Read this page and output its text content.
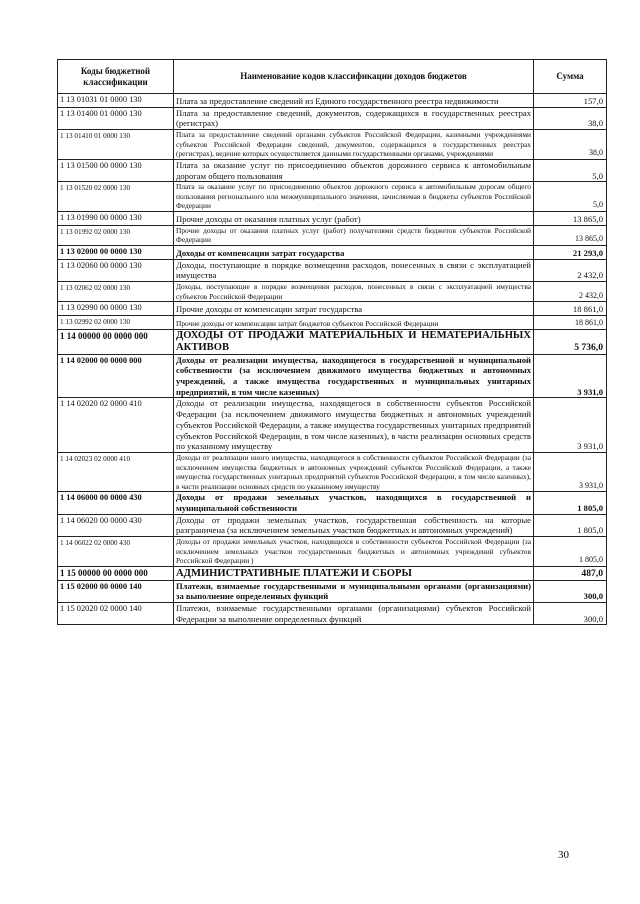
Коды бюджетной классификации	Наименование кодов классификации доходов бюджетов	Сумма
1 13 01031 01 0000 130	Плата за предоставление сведений из Единого государственного реестра недвижимости	157,0
1 13 01400 01 0000 130	Плата за предоставление сведений, документов, содержащихся в государственных реестрах (регистрах)	38,0
1 13 01410 01 0000 130	Плата за предоставление сведений органами субъектов Российской Федерации, казенными учреждениями субъектов Российской Федерации сведений, документов, содержащихся в государственных реестрах (регистрах), ведение которых осуществляется данными государственными органами, учреждениями	38,0
1 13 01500 00 0000 130	Плата за оказание услуг по присоединению объектов дорожного сервиса к автомобильным дорогам общего пользования	5,0
1 13 01520 02 0000 130	Плата за оказание услуг по присоединению объектов дорожного сервиса к автомобильным дорогам общего пользования регионального или межмуниципального значения, зачисляемая в бюджеты субъектов Российской Федерации	5,0
1 13 01990 00 0000 130	Прочие доходы от оказания платных услуг (работ)	13 865,0
1 13 01992 02 0000 130	Прочие доходы от оказания платных услуг (работ) получателями средств бюджетов субъектов Российской Федерации	13 865,0
1 13 02000 00 0000 130	Доходы от компенсации затрат государства	21 293,0
1 13 02060 00 0000 130	Доходы, поступающие в порядке возмещения расходов, понесенных в связи с эксплуатацией имущества	2 432,0
1 13 02062 02 0000 130	Доходы, поступающие в порядке возмещения расходов, понесенных в связи с эксплуатацией имущества субъектов Российской Федерации	2 432,0
1 13 02990 00 0000 130	Прочие доходы от компенсации затрат государства	18 861,0
1 13 02992 02 0000 130	Прочие доходы от компенсации затрат бюджетов субъектов Российской Федерации	18 861,0
1 14 00000 00 0000 000	ДОХОДЫ ОТ ПРОДАЖИ МАТЕРИАЛЬНЫХ И НЕМАТЕРИАЛЬНЫХ АКТИВОВ	5 736,0
1 14 02000 00 0000 000	Доходы от реализации имущества, находящегося в государственной и муниципальной собственности (за исключением движимого имущества бюджетных и автономных учреждений, а также имущества государственных и муниципальных унитарных предприятий, в том числе казенных)	3 931,0
1 14 02020 02 0000 410	Доходы от реализации имущества, находящегося в собственности субъектов Российской Федерации (за исключением движимого имущества бюджетных и автономных учреждений субъектов Российской Федерации, а также имущества государственных унитарных предприятий субъектов Российской Федерации, в том числе казенных), в части реализации основных средств по указанному имуществу	3 931,0
1 14 02023 02 0000 410	Доходы от реализации иного имущества, находящегося в собственности субъектов Российской Федерации (за исключением имущества бюджетных и автономных учреждений субъектов Российской Федерации, а также имущества государственных унитарных предприятий субъектов Российской Федерации, в том числе казенных), в части реализации основных средств по указанному имуществу	3 931,0
1 14 06000 00 0000 430	Доходы от продажи земельных участков, находящихся в государственной и муниципальной собственности	1 805,0
1 14 06020 00 0000 430	Доходы от продажи земельных участков, государственная собственность на которые разграничена (за исключением земельных участков бюджетных и автономных учреждений)	1 805,0
1 14 06022 02 0000 430	Доходы от продажи земельных участков, находящихся в собственности субъектов Российской Федерации (за исключением земельных участков государственных бюджетных и автономных учреждений субъектов Российской Федерации )	1 805,0
1 15 00000 00 0000 000	АДМИНИСТРАТИВНЫЕ ПЛАТЕЖИ И СБОРЫ	487,0
1 15 02000 00 0000 140	Платежи, взимаемые государственными и муниципальными органами (организациями) за выполнение определенных функций	300,0
1 15 02020 02 0000 140	Платежи, взимаемые государственными органами (организациями) субъектов Российской Федерации за выполнение определенных функций	300,0
30
